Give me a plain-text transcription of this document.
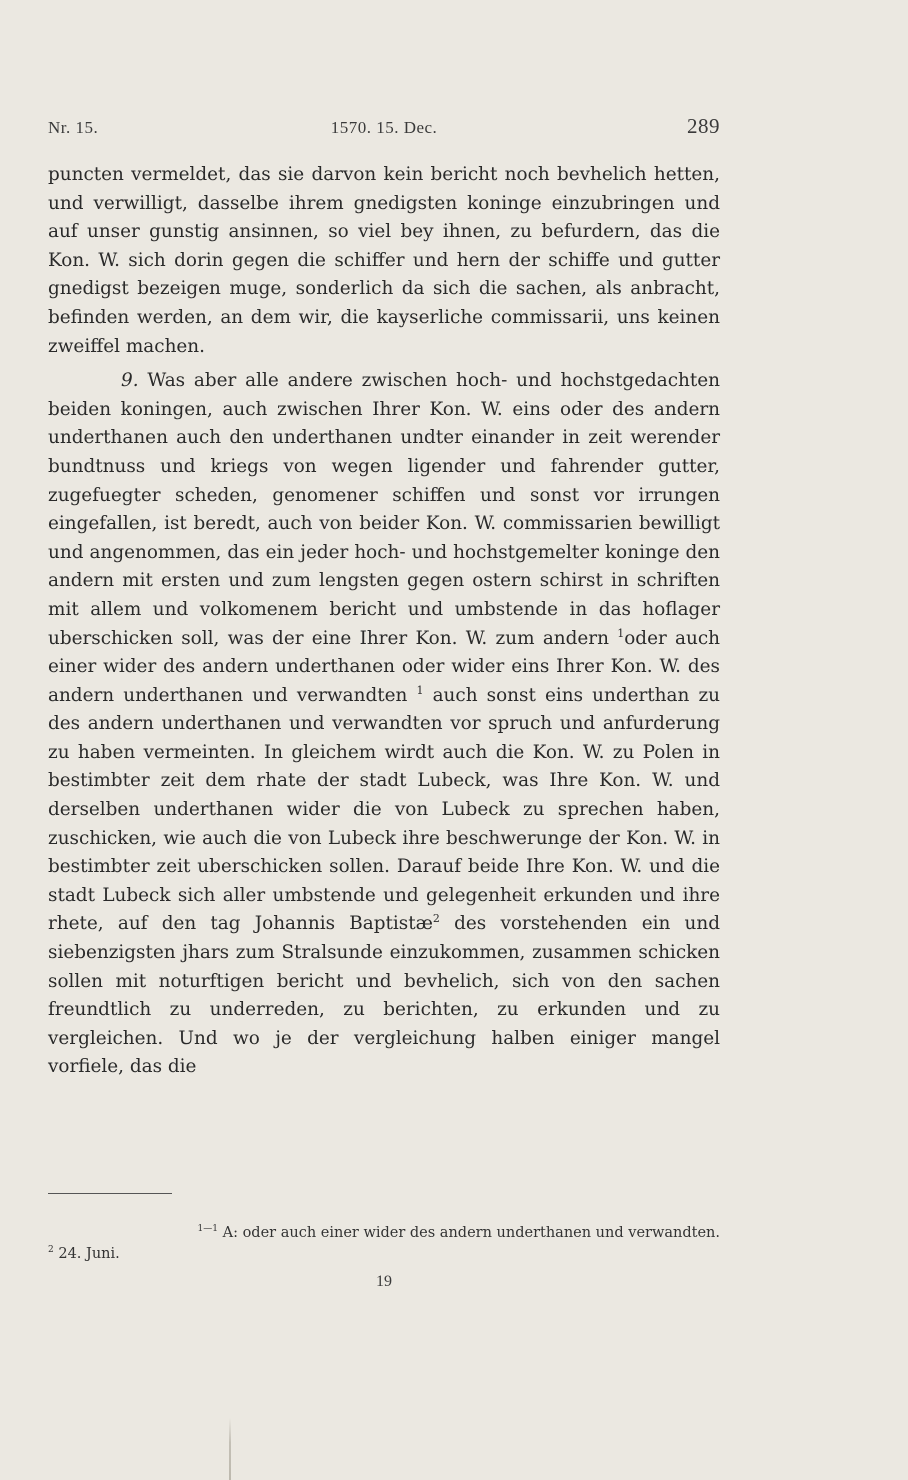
Nr. 15.	1570. 15. Dec.	289

puncten vermeldet, das sie darvon kein bericht noch bevhelich hetten, und verwilligt, dasselbe ihrem gnedigsten koninge einzubringen und auf unser gunstig ansinnen, so viel bey ihnen, zu befurdern, das die Kon. W. sich dorin gegen die schiffer und hern der schiffe und gutter gnedigst bezeigen muge, sonderlich da sich die sachen, als anbracht, befinden werden, an dem wir, die kayserliche commissarii, uns keinen zweiffel machen.

9. Was aber alle andere zwischen hoch- und hochstgedachten beiden koningen, auch zwischen Ihrer Kon. W. eins oder des andern underthanen auch den underthanen undter einander in zeit werender bundtnuss und kriegs von wegen ligender und fahrender gutter, zugefuegter scheden, genomener schiffen und sonst vor irrungen eingefallen, ist beredt, auch von beider Kon. W. commissarien bewilligt und angenommen, das ein jeder hoch- und hochstgemelter koninge den andern mit ersten und zum lengsten gegen ostern schirst in schriften mit allem und volkomenem bericht und umbstende in das hoflager uberschicken soll, was der eine Ihrer Kon. W. zum andern $^1$oder auch einer wider des andern underthanen oder wider eins Ihrer Kon. W. des andern underthanen und verwandten $^1$ auch sonst eins underthan zu des andern underthanen und verwandten vor spruch und anfurderung zu haben vermeinten. In gleichem wirdt auch die Kon. W. zu Polen in bestimbter zeit dem rhate der stadt Lubeck, was Ihre Kon. W. und derselben underthanen wider die von Lubeck zu sprechen haben, zuschicken, wie auch die von Lubeck ihre beschwerunge der Kon. W. in bestimbter zeit uberschicken sollen. Darauf beide Ihre Kon. W. und die stadt Lubeck sich aller umbstende und gelegenheit erkunden und ihre rhete, auf den tag Johannis Baptistæ$^2$ des vorstehenden ein und siebenzigsten jhars zum Stralsunde einzukommen, zusammen schicken sollen mit noturftigen bericht und bevhelich, sich von den sachen freundtlich zu underreden, zu berichten, zu erkunden und zu vergleichen. Und wo je der vergleichung halben einiger mangel vorfiele, das die

$^{1—1}$ A: oder auch einer wider des andern underthanen und verwandten.

$^2$ 24. Juni.

19
